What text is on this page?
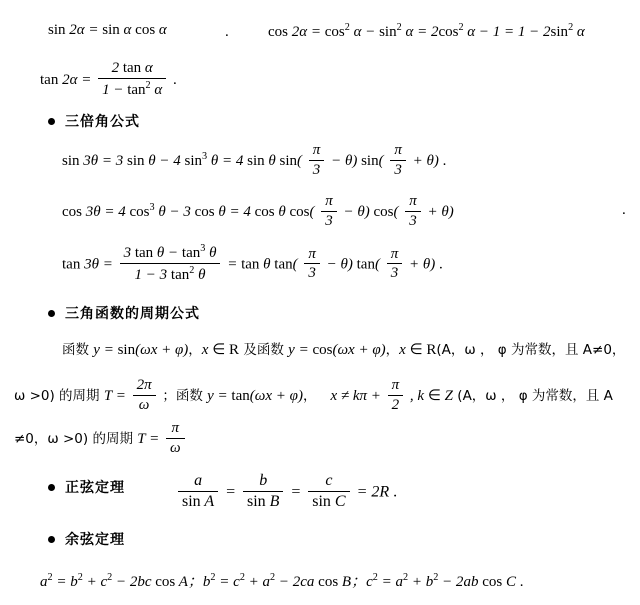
sin 2α = sin α cos α	.	$\cos 2\alpha = \cos^2 \alpha - \sin^2 \alpha = 2\cos^2$ $\alpha - 1 = 1 - 2\sin^2$ α
$\tan 2\alpha = \frac{\text{2 tan α}}{1 - \tan^2 \alpha}$ .
三倍角公式
sin 3θ = 3 sin θ − 4 $\sin^3 \theta = 4$ sin θ $\sin( \frac{\pi}{3} - \theta)$ $\sin( \frac{\pi}{3} + \theta)$ .
cos 3θ = 4 $\cos^3 \theta - 3$ cos θ = 4 cos θ $\cos( \frac{\pi}{3} - \theta)$ $\cos( \frac{\pi}{3} + \theta)$	.
$\tan 3\theta = \frac{3 \tan \theta - \tan^3 \theta}{1 - 3 \tan^2 \theta} = \tan \theta$ $\tan( \frac{\pi}{3} - \theta)$ $\tan( \frac{\pi}{3} + \theta)$ .
三角函数的周期公式
函数 y = sin(ωx + φ)，x ∈ R 及函数 y = cos(ωx + φ)，x ∈ R(A，ω ， φ 为常数，且 A≠0，
ω >0) 的周期 $T = \frac{2\pi}{\omega}$ ；函数 y = tan(ωx + φ)， $x \ne k\pi + \frac{\pi}{2}$ , k ∈ Z (A，ω ， φ 为常数，且 A
≠0，ω >0) 的周期 $T = \frac{\pi}{\omega}$
正弦定理	$\frac{a}{\text{sin A}} = \frac{b}{\text{sin B}} = \frac{c}{\text{sin C}} = 2R$ .
余弦定理
$a^2 = b^2 + c^2 - 2bc$ cos A；$b^2 = c^2 + a^2 - 2ca$ cos B；$c^2 = a^2 + b^2 - 2ab$ cos C .
